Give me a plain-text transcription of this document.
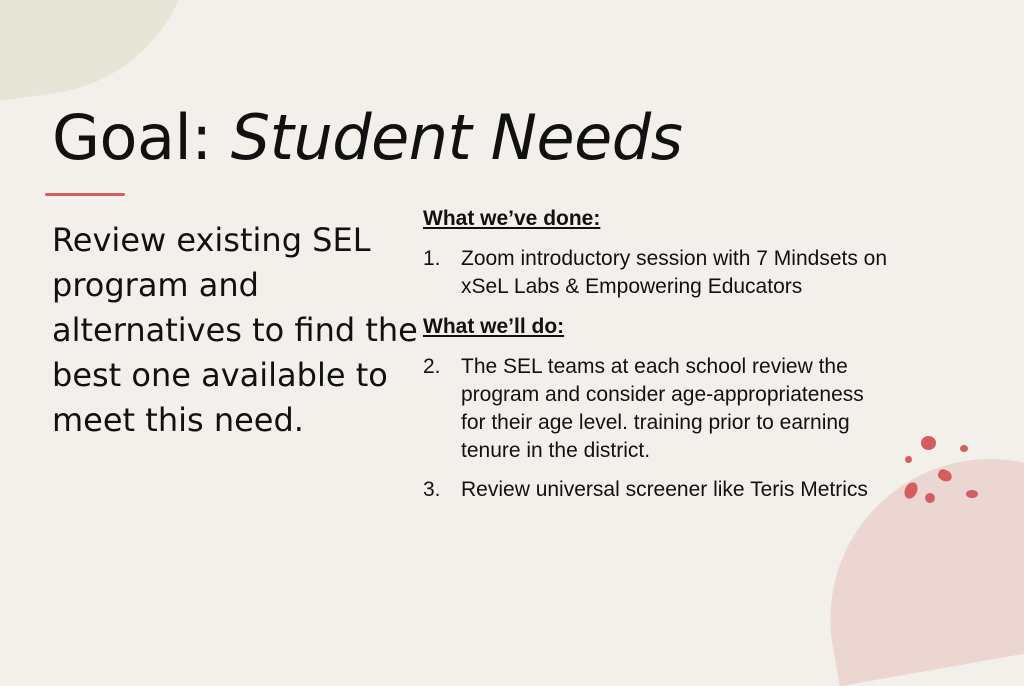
Goal: Student Needs
Review existing SEL program and alternatives to find the best one available to meet this need.
What we’ve done:
1. Zoom introductory session with 7 Mindsets on xSeL Labs & Empowering Educators
What we’ll do:
2. The SEL teams at each school review the program and consider age-appropriateness for their age level. training prior to earning tenure in the district.
3. Review universal screener like Teris Metrics
